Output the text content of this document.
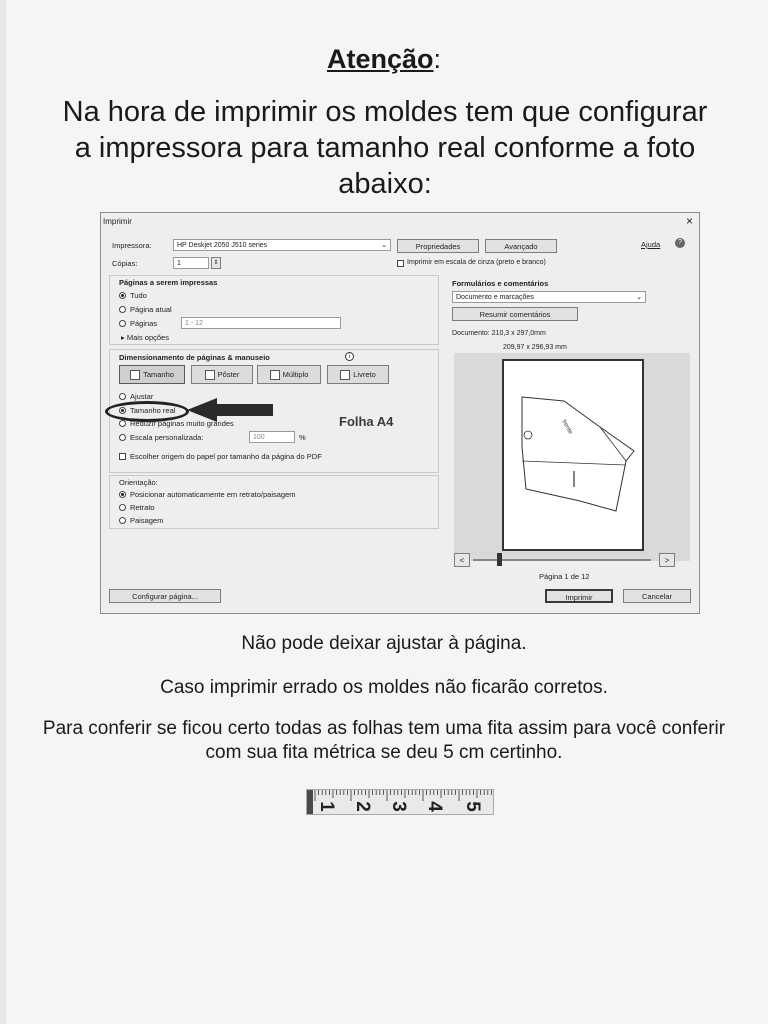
Atenção:
Na hora de imprimir os moldes tem que configurar a impressora para tamanho real conforme a foto abaixo:
Imprimir	×
Impressora:	HP Deskjet 2050 J510 series	⌄	Propriedades	Avançado	Ajuda	?
Cópias:	1	⇕	Imprimir em escala de cinza (preto e branco)
Páginas a serem impressas
Tudo
Página atual
Páginas	1 - 12
▸ Mais opções
Dimensionamento de páginas & manuseio	i
Tamanho	Pôster	Múltiplo	Livreto
Ajustar
Tamanho real
Reduzir páginas muito grandes
Escala personalizada:	100	%
Escolher origem do papel por tamanho da página do PDF
Folha A4
Orientação:
Posicionar automaticamente em retrato/paisagem
Retrato
Paisagem
Formulários e comentários
Documento e marcações	⌄
Resumir comentários
Documento: 210,3 x 297,0mm
209,97 x 296,93 mm
frente
<	>
Página 1 de 12
Configurar página...	Imprimir	Cancelar
Não pode deixar ajustar à página.
Caso imprimir errado os moldes não ficarão corretos.
Para conferir se ficou certo todas as folhas tem uma fita assim para você conferir com sua fita métrica se deu 5 cm certinho.
1 2 3 4 5
